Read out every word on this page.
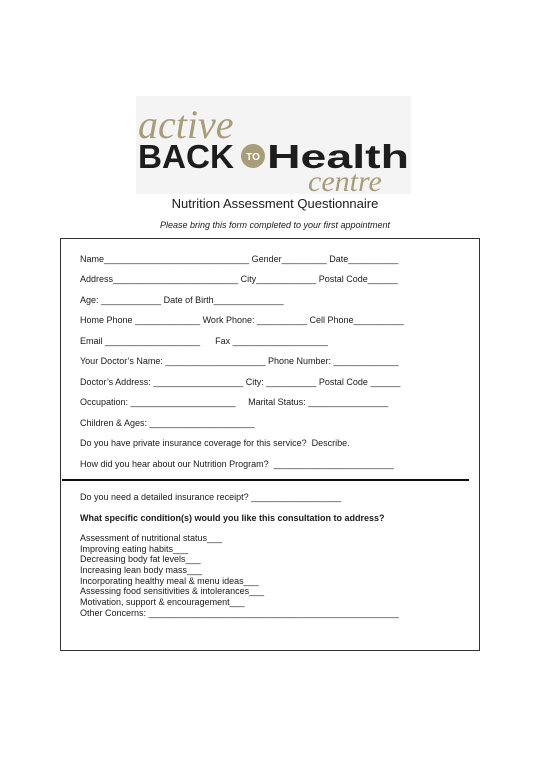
active
BACK TO Health
centre
Nutrition Assessment Questionnaire
Please bring this form completed to your first appointment
Name_____________________________ Gender_________ Date__________
Address_________________________ City____________ Postal Code______
Age: ____________ Date of Birth______________
Home Phone _____________ Work Phone: __________ Cell Phone__________
Email ___________________      Fax ___________________
Your Doctor’s Name: ____________________ Phone Number: _____________
Doctor’s Address: __________________ City: __________ Postal Code ______
Occupation: _____________________     Marital Status: ________________
Children & Ages: _____________________
Do you have private insurance coverage for this service?  Describe.
How did you hear about our Nutrition Program?  ________________________
Do you need a detailed insurance receipt? __________________
What specific condition(s) would you like this consultation to address?
Assessment of nutritional status___
Improving eating habits___
Decreasing body fat levels___
Increasing lean body mass___
Incorporating healthy meal & menu ideas___
Assessing food sensitivities & intolerances___
Motivation, support & encouragement___
Other Concerns: __________________________________________________
